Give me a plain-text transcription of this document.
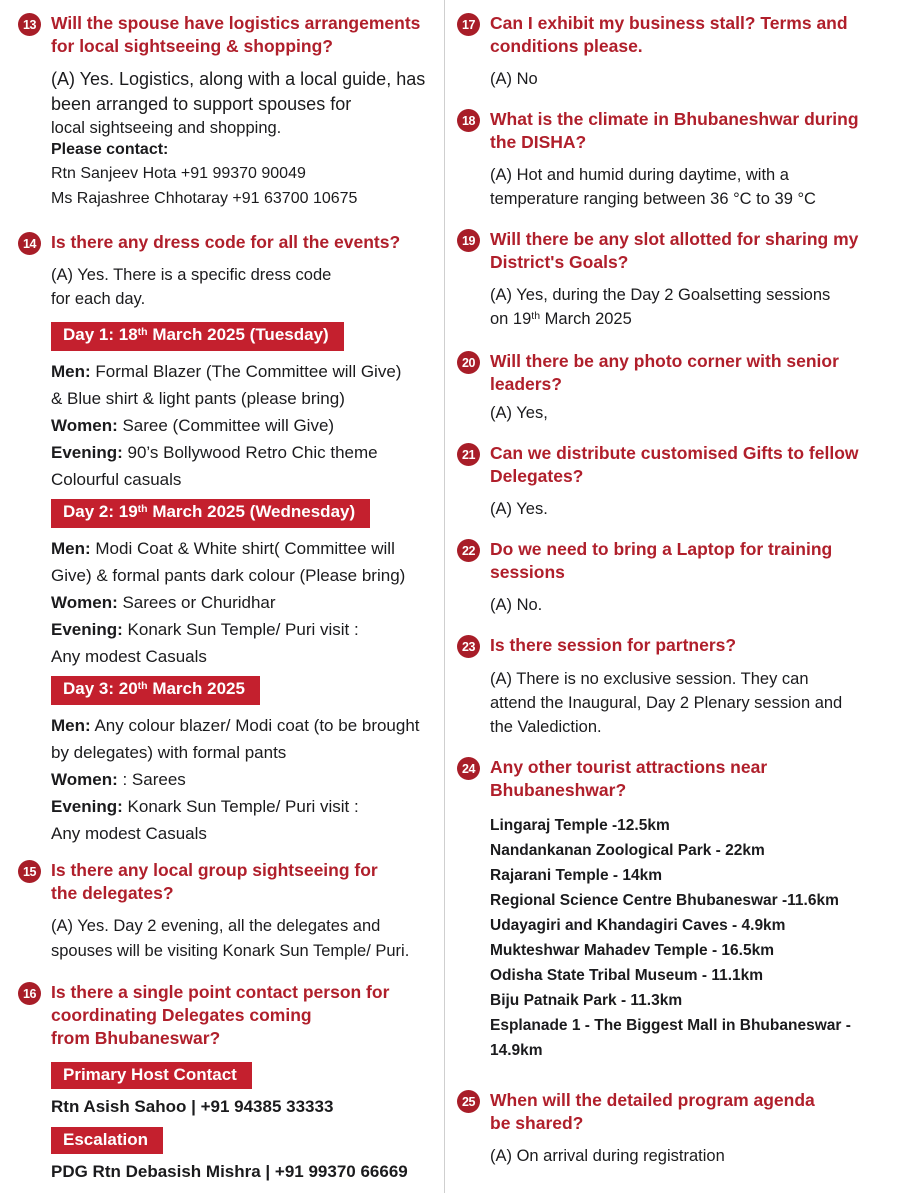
13 Will the spouse have logistics arrangements
for local sightseeing & shopping?
(A) Yes. Logistics, along with a local guide, has
been arranged to support spouses for
local sightseeing and shopping.
Please contact:
Rtn Sanjeev Hota +91 99370 90049
Ms Rajashree Chhotaray +91 63700 10675
14 Is there any dress code for all the events?
(A) Yes. There is a specific dress code
for each day.
Day 1: 18th March 2025 (Tuesday)
Men: Formal Blazer (The Committee will Give)
& Blue shirt & light pants (please bring)
Women: Saree (Committee will Give)
Evening: 90’s Bollywood Retro Chic theme
Colourful casuals
Day 2: 19th March 2025 (Wednesday)
Men: Modi Coat & White shirt( Committee will
Give) & formal pants dark colour (Please bring)
Women: Sarees or Churidhar
Evening: Konark Sun Temple/ Puri visit :
Any modest Casuals
Day 3: 20th March 2025
Men: Any colour blazer/ Modi coat (to be brought
by delegates) with formal pants
Women: : Sarees
Evening: Konark Sun Temple/ Puri visit :
Any modest Casuals
15 Is there any local group sightseeing for
the delegates?
(A) Yes. Day 2 evening, all the delegates and
spouses will be visiting Konark Sun Temple/ Puri.
16 Is there a single point contact person for
coordinating Delegates coming
from Bhubaneswar?
Primary Host Contact
Rtn Asish Sahoo | +91 94385 33333
Escalation
PDG Rtn Debasish Mishra | +91 99370 66669
17 Can I exhibit my business stall? Terms and
conditions please.
(A) No
18 What is the climate in Bhubaneshwar during
the DISHA?
(A) Hot and humid during daytime, with a
temperature ranging between 36 °C to 39 °C
19 Will there be any slot allotted for sharing my
District's Goals?
(A) Yes, during the Day 2 Goalsetting sessions
on 19th March 2025
20 Will there be any photo corner with senior
leaders?
(A) Yes,
21 Can we distribute customised Gifts to fellow
Delegates?
(A) Yes.
22 Do we need to bring a Laptop for training
sessions
(A) No.
23 Is there session for partners?
(A) There is no exclusive session. They can
attend the Inaugural, Day 2 Plenary session and
the Valediction.
24 Any other tourist attractions near
Bhubaneshwar?
Lingaraj Temple -12.5km
Nandankanan Zoological Park - 22km
Rajarani Temple - 14km
Regional Science Centre Bhubaneswar -11.6km
Udayagiri and Khandagiri Caves - 4.9km
Mukteshwar Mahadev Temple - 16.5km
Odisha State Tribal Museum - 11.1km
Biju Patnaik Park - 11.3km
Esplanade 1 - The Biggest Mall in Bhubaneswar - 14.9km
25 When will the detailed program agenda
be shared?
(A) On arrival during registration
